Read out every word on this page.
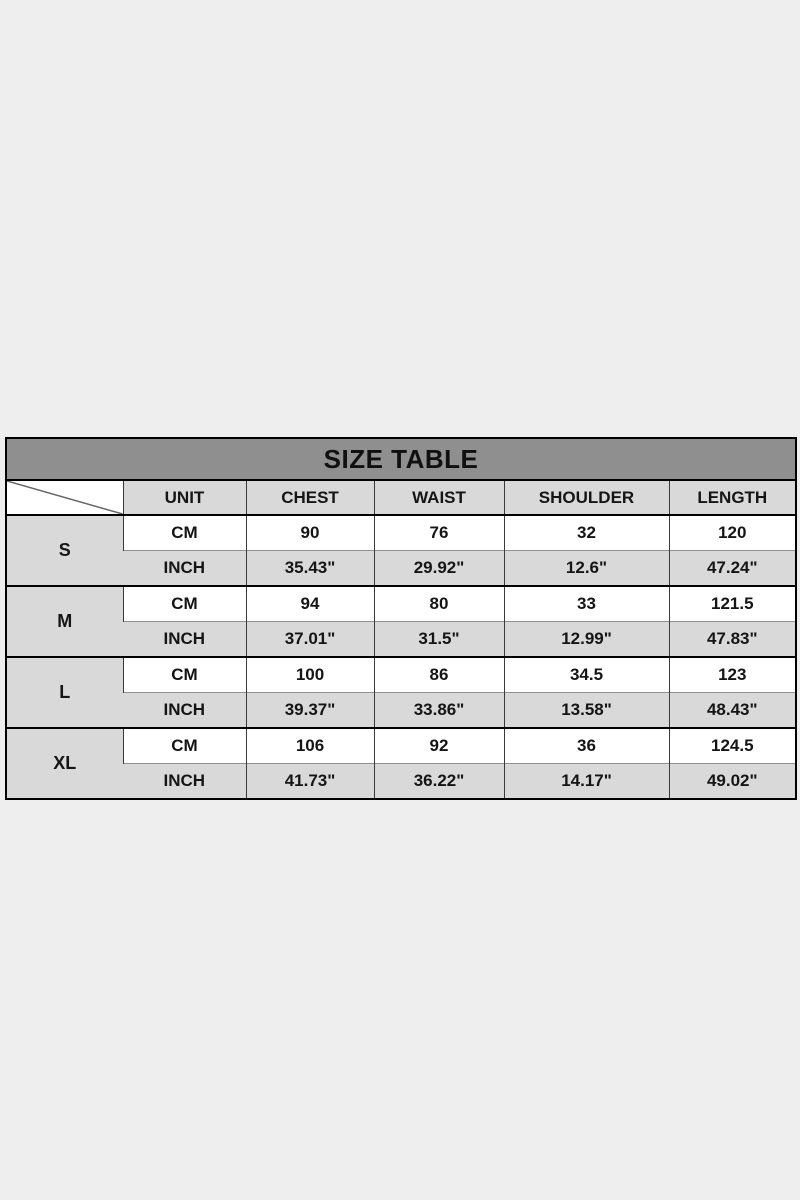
SIZE TABLE					

	UNIT	CHEST	WAIST	SHOULDER	LENGTH
S	CM	90	76	32	120
	INCH	35.43"	29.92"	12.6"	47.24"
M	CM	94	80	33	121.5
	INCH	37.01"	31.5"	12.99"	47.83"
L	CM	100	86	34.5	123
	INCH	39.37"	33.86"	13.58"	48.43"
XL	CM	106	92	36	124.5
	INCH	41.73"	36.22"	14.17"	49.02"
